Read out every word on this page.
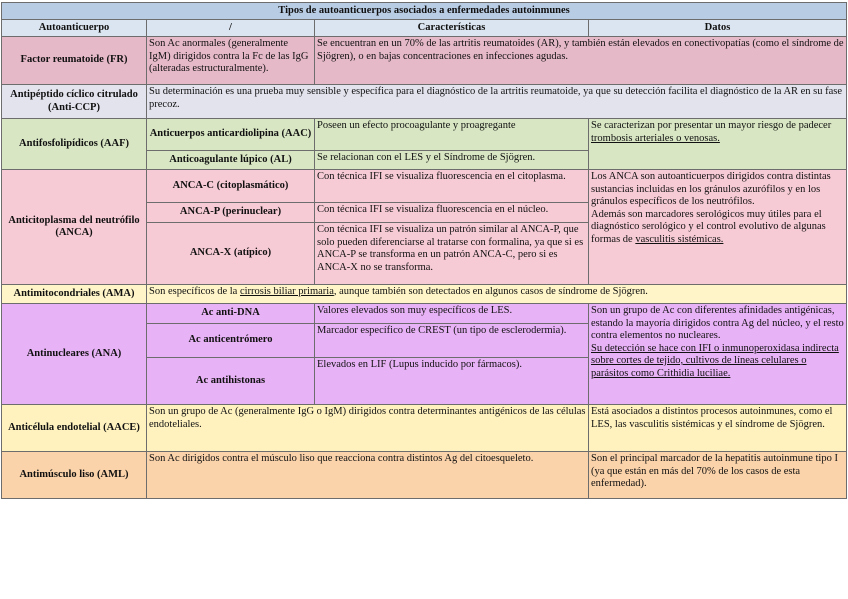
Tipos de autoanticuerpos asociados a enfermedades autoinmunes			
Autoanticuerpo	/	Características	Datos
Factor reumatoide (FR)	Son Ac anormales (generalmente IgM) dirigidos contra la Fc de las IgG (alteradas estructuralmente).	Se encuentran en un 70% de las artritis reumatoides (AR), y también están elevados en conectivopatías (como el síndrome de Sjögren), o en bajas concentraciones en infecciones agudas.	
Antipéptido cíclico citrulado (Anti-CCP)	Su determinación es una prueba muy sensible y específica para el diagnóstico de la artritis reumatoide, ya que su detección facilita el diagnóstico de la AR en su fase precoz.		
Antifosfolipídicos (AAF)	Anticuerpos anticardiolipina (AAC)	Poseen un efecto procoagulante y proagregante	Se caracterizan por presentar un mayor riesgo de padecer trombosis arteriales o venosas.
	Anticoagulante lúpico (AL)	Se relacionan con el LES y el Síndrome de Sjögren.	
Anticitoplasma del neutrófilo (ANCA)	ANCA-C (citoplasmático)	Con técnica IFI se visualiza fluorescencia en el citoplasma.	Los ANCA son autoanticuerpos dirigidos contra distintas sustancias incluidas en los gránulos azurófilos y en los gránulos específicos de los neutrófilos.
Además son marcadores serológicos muy útiles para el diagnóstico serológico y el control evolutivo de algunas formas de vasculitis sistémicas.

	ANCA-P (perinuclear)	Con técnica IFI se visualiza fluorescencia en el núcleo.	
	ANCA-X (atípico)	Con técnica IFI se visualiza un patrón similar al ANCA-P, que solo pueden diferenciarse al tratarse con formalina, ya que si es ANCA-P se transforma en un patrón ANCA-C, pero si es ANCA-X no se transforma.	
Antimitocondriales (AMA)	Son específicos de la cirrosis biliar primaria, aunque también son detectados en algunos casos de síndrome de Sjögren.		
Antinucleares (ANA)	Ac anti-DNA	Valores elevados son muy específicos de LES.	Son un grupo de Ac con diferentes afinidades antigénicas, estando la mayoría dirigidos contra Ag del núcleo, y el resto contra elementos no nucleares.
Su detección se hace con IFI o inmunoperoxidasa indirecta sobre cortes de tejido, cultivos de líneas celulares o parásitos como Crithidia luciliae.

	Ac anticentrómero	Marcador específico de CREST (un tipo de esclerodermia).	
	Ac antihistonas	Elevados en LIF (Lupus inducido por fármacos).	
Anticélula endotelial (AACE)	Son un grupo de Ac (generalmente IgG o IgM) dirigidos contra determinantes antigénicos de las células endoteliales.		Está asociados a distintos procesos autoinmunes, como el LES, las vasculitis sistémicas y el síndrome de Sjögren.
Antimúsculo liso (AML)	Son Ac dirigidos contra el músculo liso que reacciona contra distintos Ag del citoesqueleto.		Son el principal marcador de la hepatitis autoinmune tipo I (ya que están en más del 70% de los casos de esta enfermedad).
